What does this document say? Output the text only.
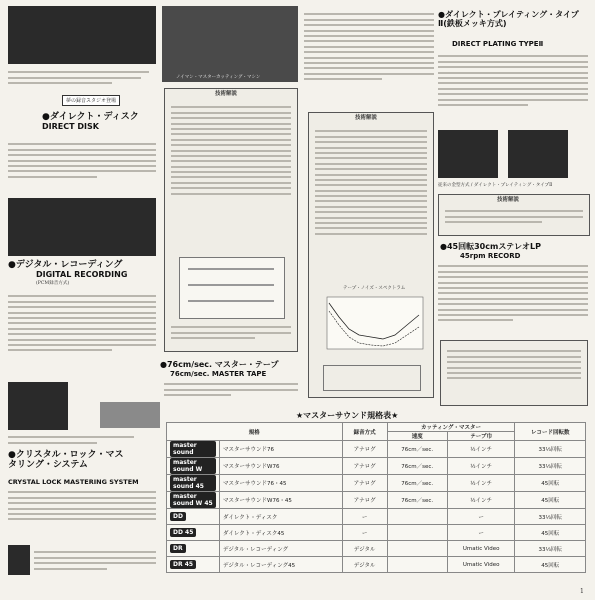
夢の録音スタジオ登場
●ダイレクト・ディスク
DIRECT DISK
●デジタル・レコーディング
DIGITAL RECORDING
(PCM録音方式)
●クリスタル・ロック・マスタリング・システム
CRYSTAL LOCK MASTERING SYSTEM
ノイマン・マスターカッティング・マシン
技術解説
●76cm/sec. マスター・テープ
76cm/sec. MASTER TAPE
技術解説
テープ・ノイズ・スペクトラム
●ダイレクト・プレイティング・タイプⅡ(鉄板メッキ方式)
DIRECT PLATING TYPEⅡ
従来の金型方式 / ダイレクト・プレイティング・タイプⅡ
技術解説
●45回転30cmステレオLP
45rpm RECORD
★マスターサウンド規格表★
規格		録音方式	カッティング・マスター		レコード回転数
			速度	テープ巾	
master sound	マスターサウンド76	アナログ	76cm／sec.	½インチ	33⅓回転
master sound W	マスターサウンドW76	アナログ	76cm／sec.	½インチ	33⅓回転
master sound 45	マスターサウンド76・45	アナログ	76cm／sec.	½インチ	45回転
master sound W 45	マスターサウンドW76・45	アナログ	76cm／sec.	½インチ	45回転
DD	ダイレクト・ディスク	ー		ー	33⅓回転
DD 45	ダイレクト・ディスク45	ー		ー	45回転
DR	デジタル・レコーディング	デジタル		Umatic Video	33⅓回転
DR 45	デジタル・レコーディング45	デジタル		Umatic Video	45回転
1
